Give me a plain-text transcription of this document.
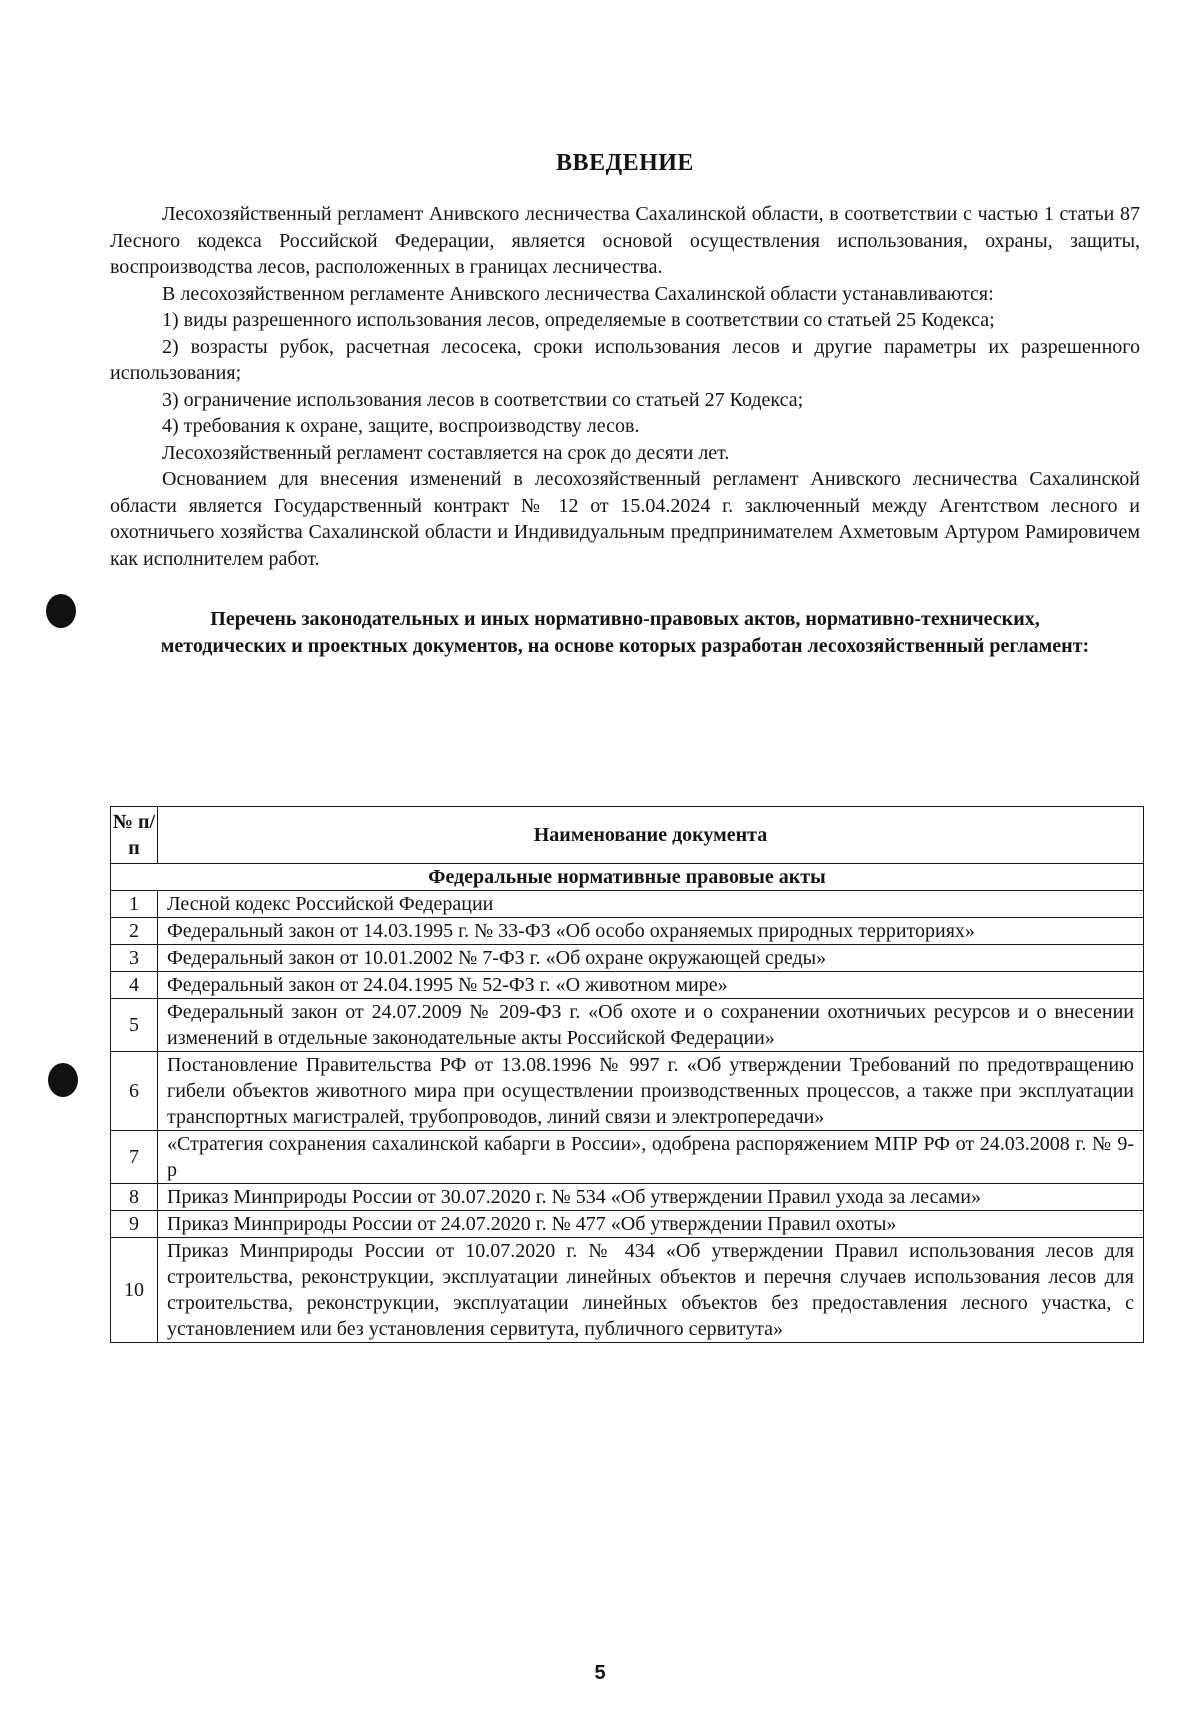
ВВЕДЕНИЕ

Лесохозяйственный регламент Анивского лесничества Сахалинской области, в соответствии с частью 1 статьи 87 Лесного кодекса Российской Федерации, является основой осуществления использования, охраны, защиты, воспроизводства лесов, расположенных в границах лесничества.

В лесохозяйственном регламенте Анивского лесничества Сахалинской области устанавливаются:

1) виды разрешенного использования лесов, определяемые в соответствии со статьей 25 Кодекса;

2) возрасты рубок, расчетная лесосека, сроки использования лесов и другие параметры их разрешенного использования;

3) ограничение использования лесов в соответствии со статьей 27 Кодекса;

4) требования к охране, защите, воспроизводству лесов.

Лесохозяйственный регламент составляется на срок до десяти лет.

Основанием для внесения изменений в лесохозяйственный регламент Анивского лесничества Сахалинской области является Государственный контракт № 12 от 15.04.2024 г. заключенный между Агентством лесного и охотничьего хозяйства Сахалинской области и Индивидуальным предпринимателем Ахметовым Артуром Рамировичем как исполнителем работ.

Перечень законодательных и иных нормативно-правовых актов, нормативно-технических, методических и проектных документов, на основе которых разработан лесохозяйственный регламент:

№ п/п	Наименование документа
Федеральные нормативные правовые акты	
1	Лесной кодекс Российской Федерации
2	Федеральный закон от 14.03.1995 г. № 33-ФЗ «Об особо охраняемых природных территориях»
3	Федеральный закон от 10.01.2002 № 7-ФЗ г. «Об охране окружающей среды»
4	Федеральный закон от 24.04.1995 № 52-ФЗ г. «О животном мире»
5	Федеральный закон от 24.07.2009 № 209-ФЗ г. «Об охоте и о сохранении охотничьих ресурсов и о внесении изменений в отдельные законодательные акты Российской Федерации»
6	Постановление Правительства РФ от 13.08.1996 № 997 г. «Об утверждении Требований по предотвращению гибели объектов животного мира при осуществлении производственных процессов, а также при эксплуатации транспортных магистралей, трубопроводов, линий связи и электропередачи»
7	«Стратегия сохранения сахалинской кабарги в России», одобрена распоряжением МПР РФ от 24.03.2008 г. № 9-р
8	Приказ Минприроды России от 30.07.2020 г. № 534 «Об утверждении Правил ухода за лесами»
9	Приказ Минприроды России от 24.07.2020 г. № 477 «Об утверждении Правил охоты»
10	Приказ Минприроды России от 10.07.2020 г. № 434 «Об утверждении Правил использования лесов для строительства, реконструкции, эксплуатации линейных объектов и перечня случаев использования лесов для строительства, реконструкции, эксплуатации линейных объектов без предоставления лесного участка, с установлением или без установления сервитута, публичного сервитута»
5
